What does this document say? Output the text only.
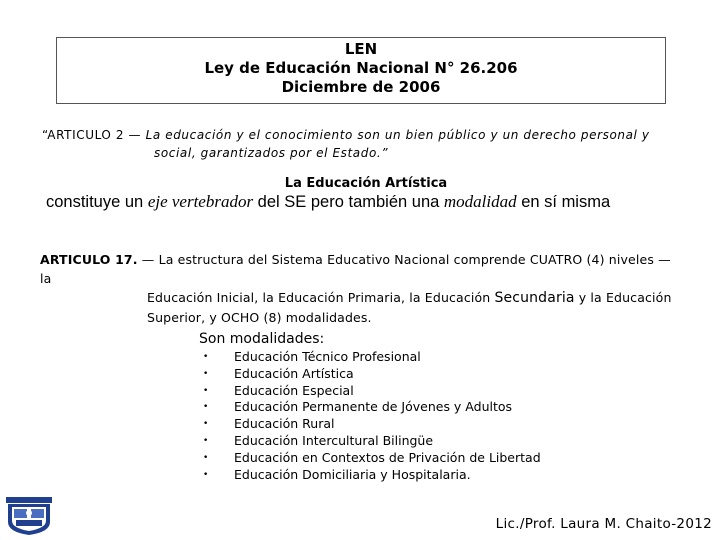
LEN
Ley de Educación Nacional N° 26.206
Diciembre de 2006
“ARTICULO 2 — La educación y el conocimiento son un bien público y un derecho personal y
social, garantizados por el Estado.”
La Educación Artística
constituye un eje vertebrador del SE pero también una modalidad en sí misma
ARTICULO 17. — La estructura del Sistema Educativo Nacional comprende CUATRO (4) niveles —la
Educación Inicial, la Educación Primaria, la Educación Secundaria y la Educación
Superior, y OCHO (8) modalidades.
Son modalidades:
• Educación Técnico Profesional
• Educación Artística
• Educación Especial
• Educación Permanente de Jóvenes y Adultos
• Educación Rural
• Educación Intercultural Bilingüe
• Educación en Contextos de Privación de Libertad
• Educación Domiciliaria y Hospitalaria.
Lic./Prof. Laura M. Chaito-2012
